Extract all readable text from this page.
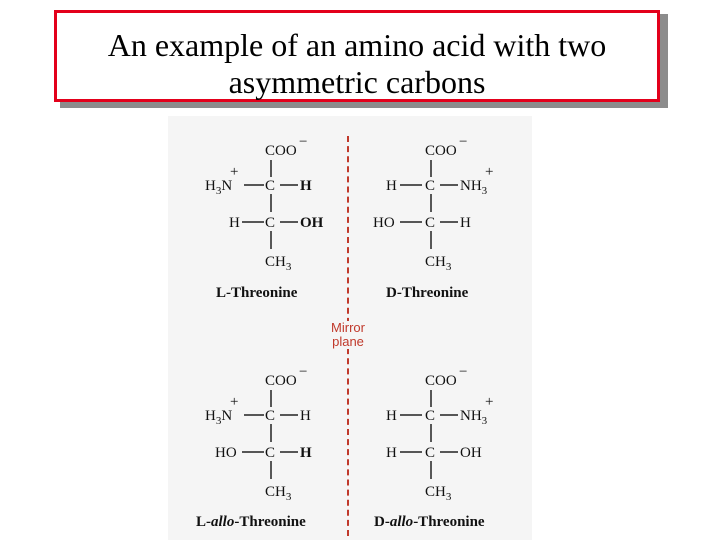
An example of an amino acid with two
asymmetric carbons
Mirror
plane
COO
−
+
$H_3N$ C H
H C OH
$CH_3$
COO
−
H C
+
$NH_3$
HO C H
$CH_3$
COO
−
+
$H_3N$ C H
HO C H
$CH_3$
COO
−
H C
+
$NH_3$
H C OH
$CH_3$
L-Threonine	D-Threonine
L-allo-Threonine	D-allo-Threonine
